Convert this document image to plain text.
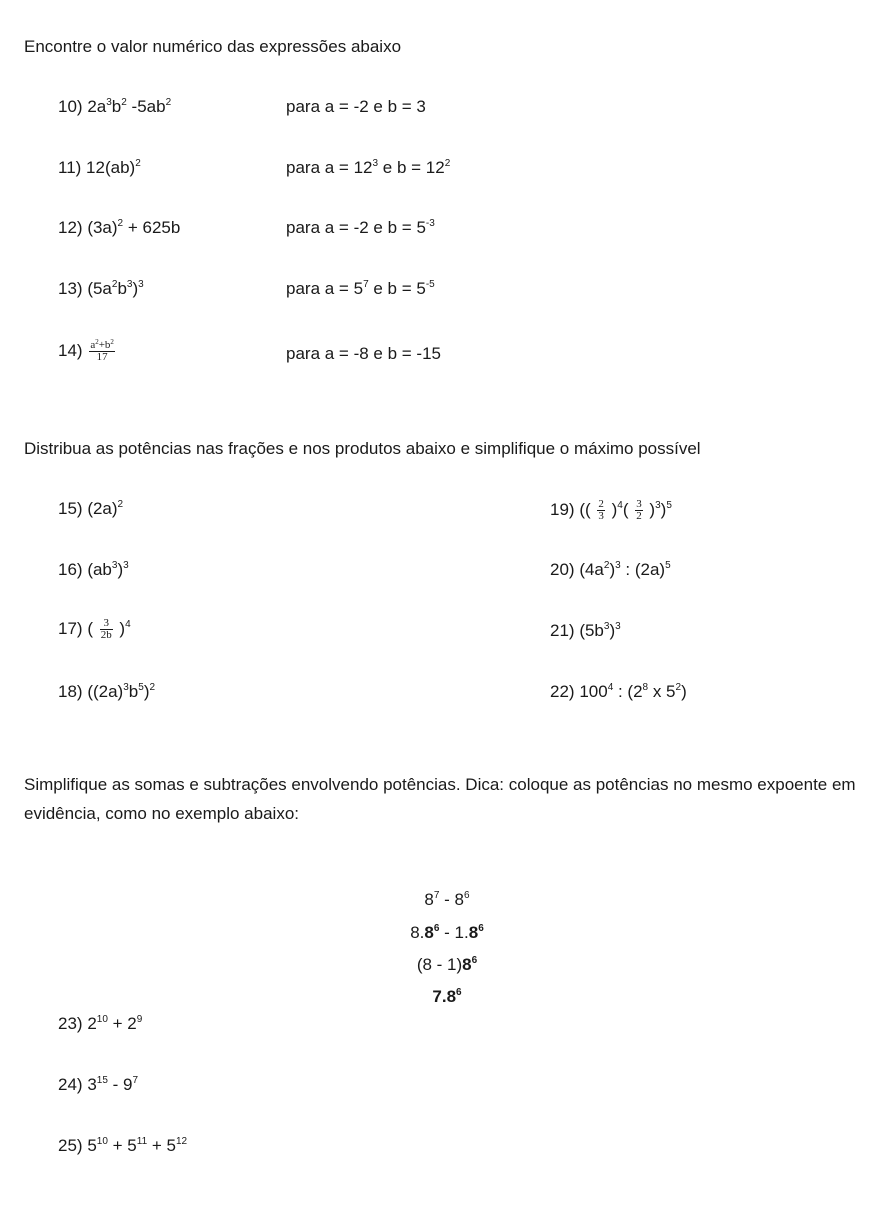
Encontre o valor numérico das expressões abaixo
10) $2a^3b^2$ $-5ab^2$	para a = -2 e b = 3
11) 12(ab)$^2$	para $a = 12^3$ e $b = 12^2$
12) $(3a)^2 + 625b$	para a = -2 e $b = 5^{-3}$
13) $(5a^2b^3)^3$	para $a = 5^7$ e $b = 5^{-5}$
$14) \frac{a^2+b^2}{17}$	para a = -8 e b = -15
Distribua as potências nas frações e nos produtos abaixo e simplifique o máximo possível
15) $(2a)^2$
16) $(ab^3)^3$
17) ( $\frac{3}{2b} )^4$
18) $((2a)^3b^5)^2$
19) (( $\frac{2}{3} )^4( \frac{3}{2} )^3)^5$
20) $(4a^2)^3$ : $(2a)^5$
21) $(5b^3)^3$
22) $100^4$ : ($2^8$ x $5^2$)
Simplifique as somas e subtrações envolvendo potências. Dica: coloque as potências no mesmo expoente em evidência, como no exemplo abaixo:
$8^7 - 8^6$
$8.8^6 - 1.8^6$
$(8 - 1)8^6$
$7.8^6$
23) $2^{10} + 2^9$
24) $3^{15} - 9^7$
25) $5^{10} + 5^{11} + 5^{12}$
